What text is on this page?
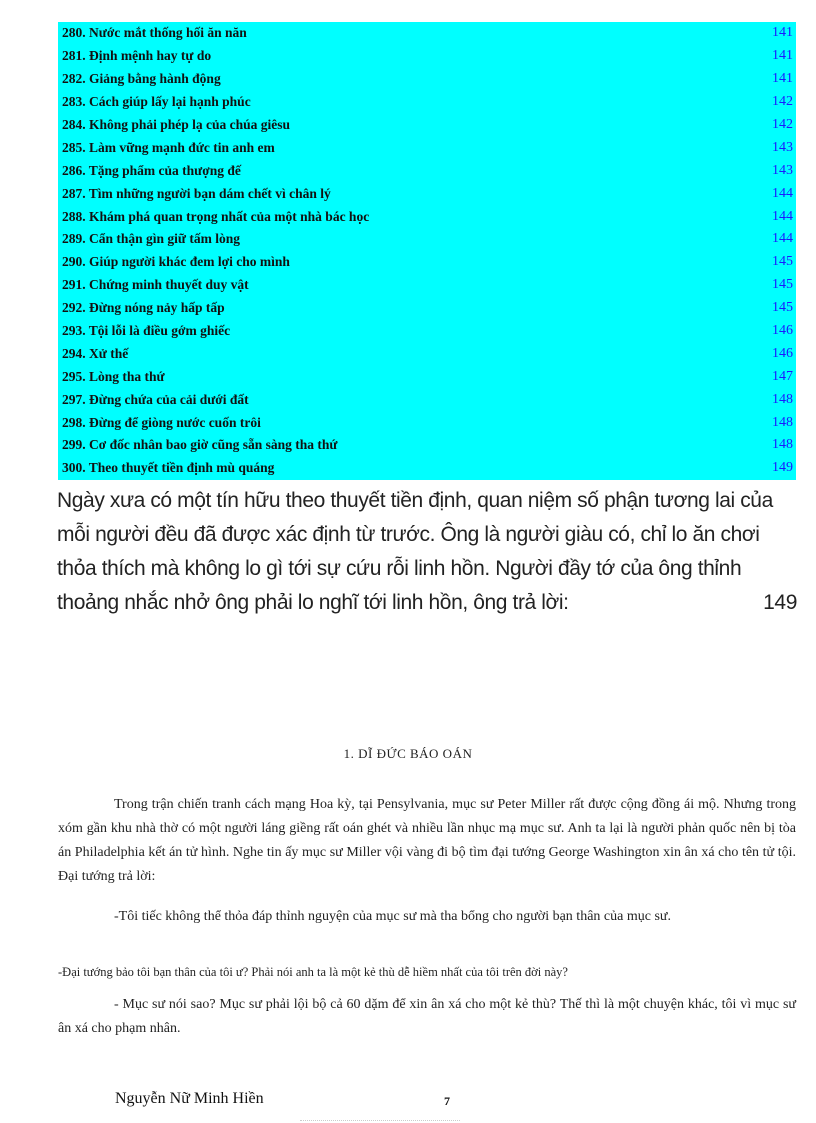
280. Nước mắt thống hối ăn năn	141
281. Định mệnh hay tự do	141
282. Giảng bằng hành động	141
283. Cách giúp lấy lại hạnh phúc	142
284. Không phải phép lạ của chúa giêsu	142
285. Làm vững mạnh đức tin anh em	143
286. Tặng phẩm của thượng đế	143
287. Tìm những người bạn dám chết vì chân lý	144
288. Khám phá quan trọng nhất của một nhà bác học	144
289. Cẩn thận gìn giữ tấm lòng	144
290. Giúp người khác đem lợi cho mình	145
291. Chứng minh thuyết duy vật	145
292. Đừng nóng nảy hấp tấp	145
293. Tội lỗi là điều gớm ghiếc	146
294. Xử thế	146
295. Lòng tha thứ	147
297. Đừng chứa của cải dưới đất	148
298. Đừng để giòng nước cuốn trôi	148
299. Cơ đốc nhân bao giờ cũng sẵn sàng tha thứ	148
300. Theo thuyết tiền định mù quáng	149
Ngày xưa có một tín hữu theo thuyết tiền định, quan niệm số phận tương lai của
mỗi người đều đã được xác định từ trước. Ông là người giàu có, chỉ lo ăn chơi
thỏa thích mà không lo gì tới sự cứu rỗi linh hồn. Người đầy tớ của ông thỉnh
thoảng nhắc nhở ông phải lo nghĩ tới linh hồn, ông trả lời:	149
1. DĨ ĐỨC BÁO OÁN
Trong trận chiến tranh cách mạng Hoa kỳ, tại Pensylvania, mục sư Peter Miller rất được cộng đồng ái mộ. Nhưng trong xóm gần khu nhà thờ có một người láng giềng rất oán ghét và nhiều lần nhục mạ mục sư. Anh ta lại là người phản quốc nên bị tòa án Philadelphia kết án tử hình. Nghe tin ấy mục sư Miller vội vàng đi bộ tìm đại tướng George Washington xin ân xá cho tên tử tội. Đại tướng trả lời:
-Tôi tiếc không thể thỏa đáp thỉnh nguyện của mục sư mà tha bổng cho người bạn thân của mục sư.
-Đại tướng bảo tôi bạn thân của tôi ư? Phải nói anh ta là một kẻ thù dễ hiềm nhất của tôi trên đời này?
- Mục sư nói sao? Mục sư phải lội bộ cả 60 dặm để xin ân xá cho một kẻ thù? Thế thì là một chuyện khác, tôi vì mục sư ân xá cho phạm nhân.
Nguyễn Nữ Minh Hiền	7
